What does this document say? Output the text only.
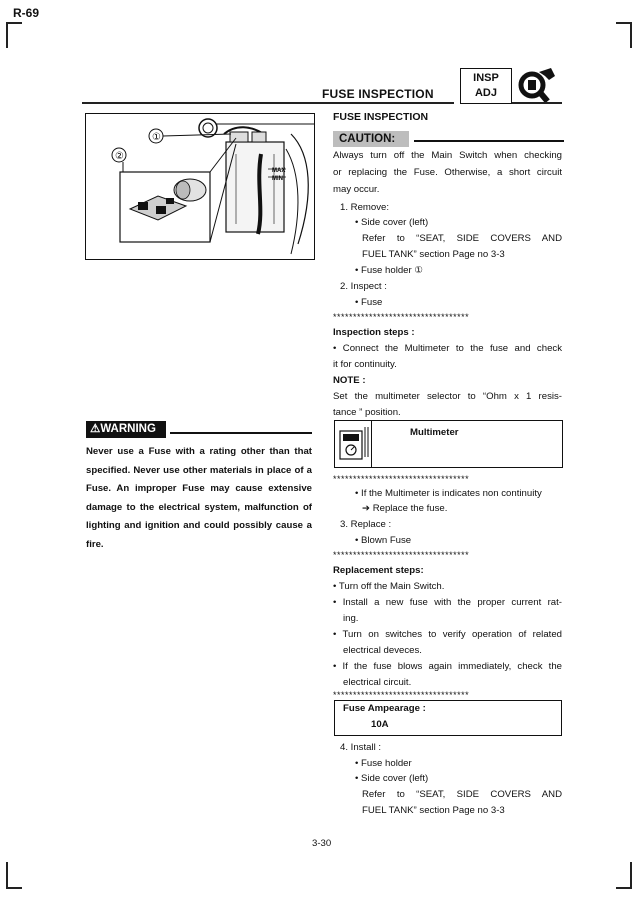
R-69
FUSE INSPECTION
INSP
ADJ
MAX
MIN
①
②
⚠WARNING
Never use a Fuse with a rating other than that specified. Never use other materials in place of a Fuse. An improper Fuse may cause extensive damage to the electrical system, malfunction of lighting and ignition and could possibly cause a fire.
FUSE INSPECTION
CAUTION:
Always turn off the Main Switch when checking
or replacing the Fuse. Otherwise, a short circuit
may occur.
1. Remove:
• Side cover (left)
Refer to “SEAT, SIDE COVERS AND
FUEL TANK” section Page no 3-3
• Fuse holder ①
2. Inspect :
• Fuse
**********************************
Inspection steps :
• Connect the Multimeter to the fuse and check
it for continuity.
NOTE :
Set the multimeter selector to “Ohm x 1 resis-
tance ” position.
Multimeter
**********************************
• If the Multimeter is indicates non continuity
➔ Replace the fuse.
3. Replace :
• Blown Fuse
**********************************
Replacement steps:
• Turn off the Main Switch.
• Install a new fuse with the proper current rat-
ing.
• Turn on switches to verify operation of related
electrical deveces.
• If the fuse blows again immediately, check the
electrical circuit.
**********************************
Fuse Ampearage :
10A
4. Install :
• Fuse holder
• Side cover (left)
Refer to “SEAT, SIDE COVERS AND
FUEL TANK” section Page no 3-3
3-30
